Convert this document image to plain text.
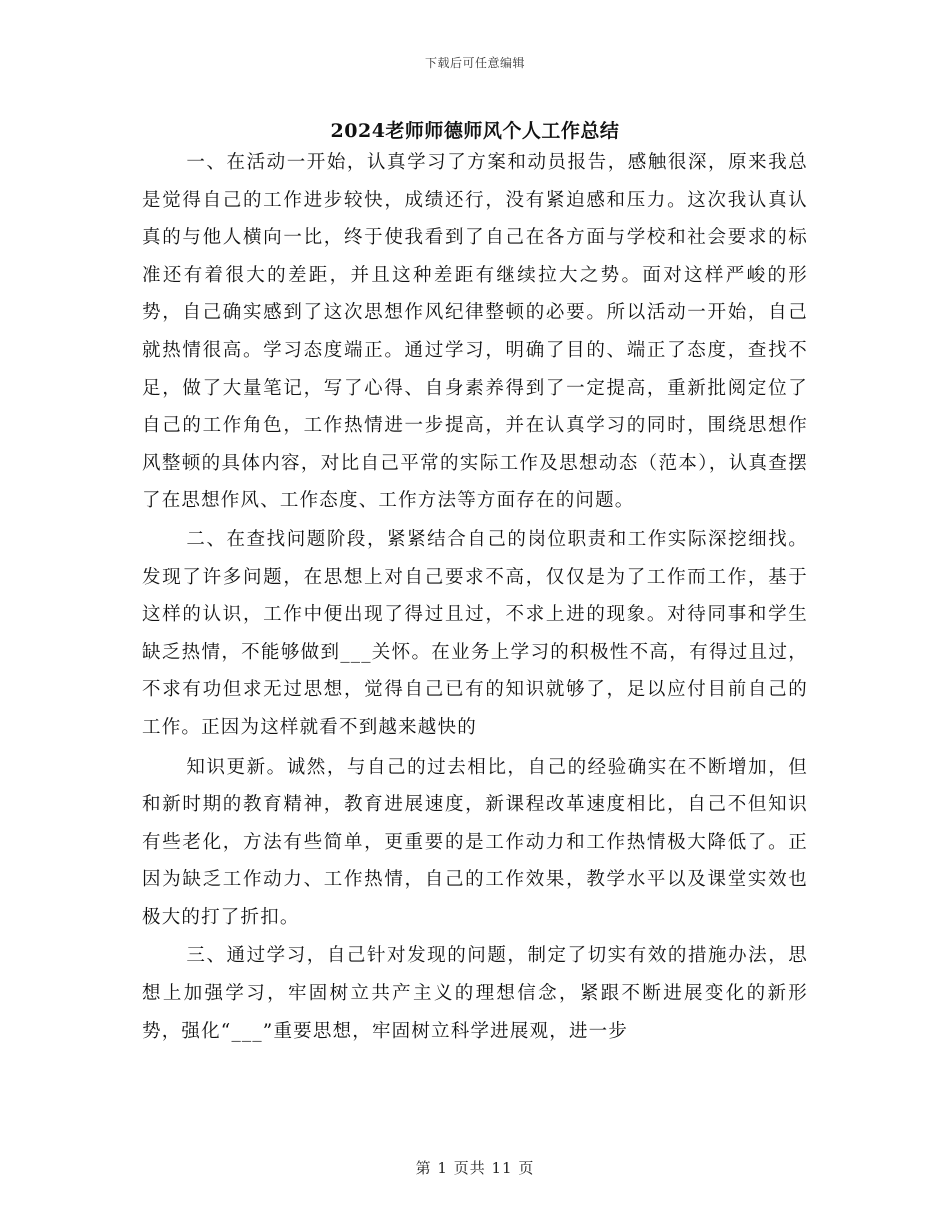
下载后可任意编辑
2024老师师德师风个人工作总结

一、在活动一开始，认真学习了方案和动员报告，感触很深，原来我总是觉得自己的工作进步较快，成绩还行，没有紧迫感和压力。这次我认真认真的与他人横向一比，终于使我看到了自己在各方面与学校和社会要求的标准还有着很大的差距，并且这种差距有继续拉大之势。面对这样严峻的形势，自己确实感到了这次思想作风纪律整顿的必要。所以活动一开始，自己就热情很高。学习态度端正。通过学习，明确了目的、端正了态度，查找不足，做了大量笔记，写了心得、自身素养得到了一定提高，重新批阅定位了自己的工作角色，工作热情进一步提高，并在认真学习的同时，围绕思想作风整顿的具体内容，对比自己平常的实际工作及思想动态（范本），认真查摆了在思想作风、工作态度、工作方法等方面存在的问题。

二、在查找问题阶段，紧紧结合自己的岗位职责和工作实际深挖细找。发现了许多问题，在思想上对自己要求不高，仅仅是为了工作而工作，基于这样的认识，工作中便出现了得过且过，不求上进的现象。对待同事和学生缺乏热情，不能够做到___关怀。在业务上学习的积极性不高，有得过且过，不求有功但求无过思想，觉得自己已有的知识就够了，足以应付目前自己的工作。正因为这样就看不到越来越快的

知识更新。诚然，与自己的过去相比，自己的经验确实在不断增加，但和新时期的教育精神，教育进展速度，新课程改革速度相比，自己不但知识有些老化，方法有些简单，更重要的是工作动力和工作热情极大降低了。正因为缺乏工作动力、工作热情，自己的工作效果，教学水平以及课堂实效也极大的打了折扣。

三、通过学习，自己针对发现的问题，制定了切实有效的措施办法，思想上加强学习，牢固树立共产主义的理想信念，紧跟不断进展变化的新形势，强化“___”重要思想，牢固树立科学进展观，进一步

第 1 页共 11 页
